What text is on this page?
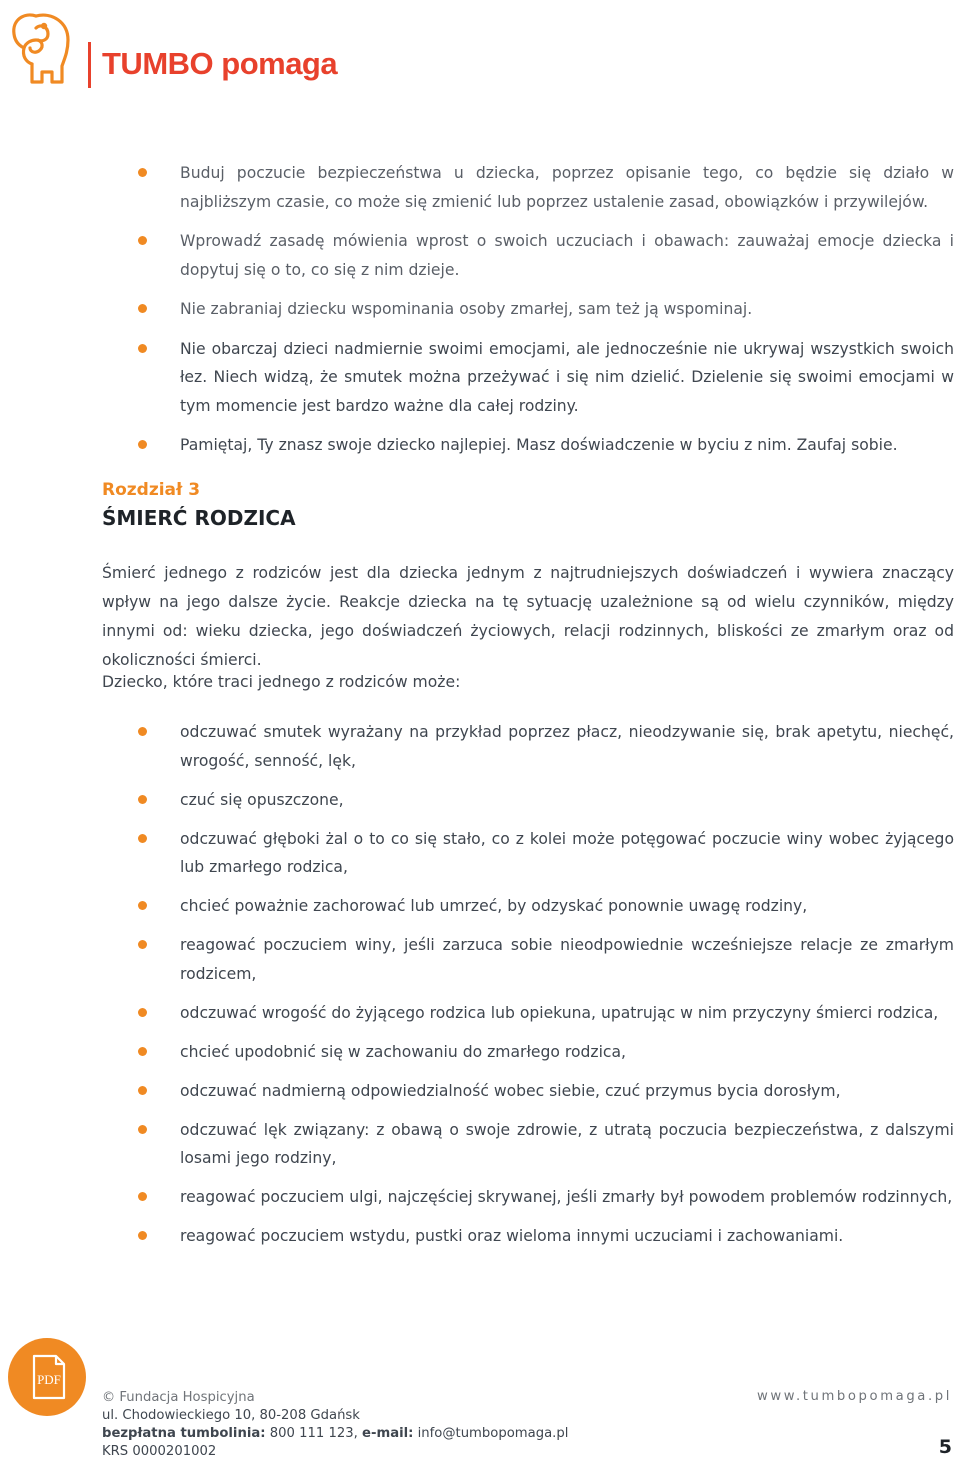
TUMBO pomaga
Buduj poczucie bezpieczeństwa u dziecka, poprzez opisanie tego, co będzie się działo w najbliższym czasie, co może się zmienić lub poprzez ustalenie zasad, obowiązków i przywilejów.
Wprowadź zasadę mówienia wprost o swoich uczuciach i obawach: zauważaj emocje dziecka i dopytuj się o to, co się z nim dzieje.
Nie zabraniaj dziecku wspominania osoby zmarłej, sam też ją wspominaj.
Nie obarczaj dzieci nadmiernie swoimi emocjami, ale jednocześnie nie ukrywaj wszystkich swoich łez. Niech widzą, że smutek można przeżywać i się nim dzielić. Dzielenie się swoimi emocjami w tym momencie jest bardzo ważne dla całej rodziny.
Pamiętaj, Ty znasz swoje dziecko najlepiej. Masz doświadczenie w byciu z nim. Zaufaj sobie.
Rozdział 3
ŚMIERĆ RODZICA

Śmierć jednego z rodziców jest dla dziecka jednym z najtrudniejszych doświadczeń i wywiera znaczący wpływ na jego dalsze życie. Reakcje dziecka na tę sytuację uzależnione są od wielu czynników, między innymi od: wieku dziecka, jego doświadczeń życiowych, relacji rodzinnych, bliskości ze zmarłym oraz od okoliczności śmierci.

Dziecko, które traci jednego z rodziców może:

odczuwać smutek wyrażany na przykład poprzez płacz, nieodzywanie się, brak apetytu, niechęć, wrogość, senność, lęk,
czuć się opuszczone,
odczuwać głęboki żal o to co się stało, co z kolei może potęgować poczucie winy wobec żyjącego lub zmarłego rodzica,
chcieć poważnie zachorować lub umrzeć, by odzyskać ponownie uwagę rodziny,
reagować poczuciem winy, jeśli zarzuca sobie nieodpowiednie wcześniejsze relacje ze zmarłym rodzicem,
odczuwać wrogość do żyjącego rodzica lub opiekuna, upatrując w nim przyczyny śmierci rodzica,
chcieć upodobnić się w zachowaniu do zmarłego rodzica,
odczuwać nadmierną odpowiedzialność wobec siebie, czuć przymus bycia dorosłym,
odczuwać lęk związany: z obawą o swoje zdrowie, z utratą poczucia bezpieczeństwa, z dalszymi losami jego rodziny,
reagować poczuciem ulgi, najczęściej skrywanej, jeśli zmarły był powodem problemów rodzinnych,
reagować poczuciem wstydu, pustki oraz wieloma innymi uczuciami i zachowaniami.
PDF
© Fundacja Hospicyjna
ul. Chodowieckiego 10, 80-208 Gdańsk
bezpłatna tumbolinia: 800 111 123, e-mail: info@tumbopomaga.pl
KRS 0000201002
www.tumbopomaga.pl
5
